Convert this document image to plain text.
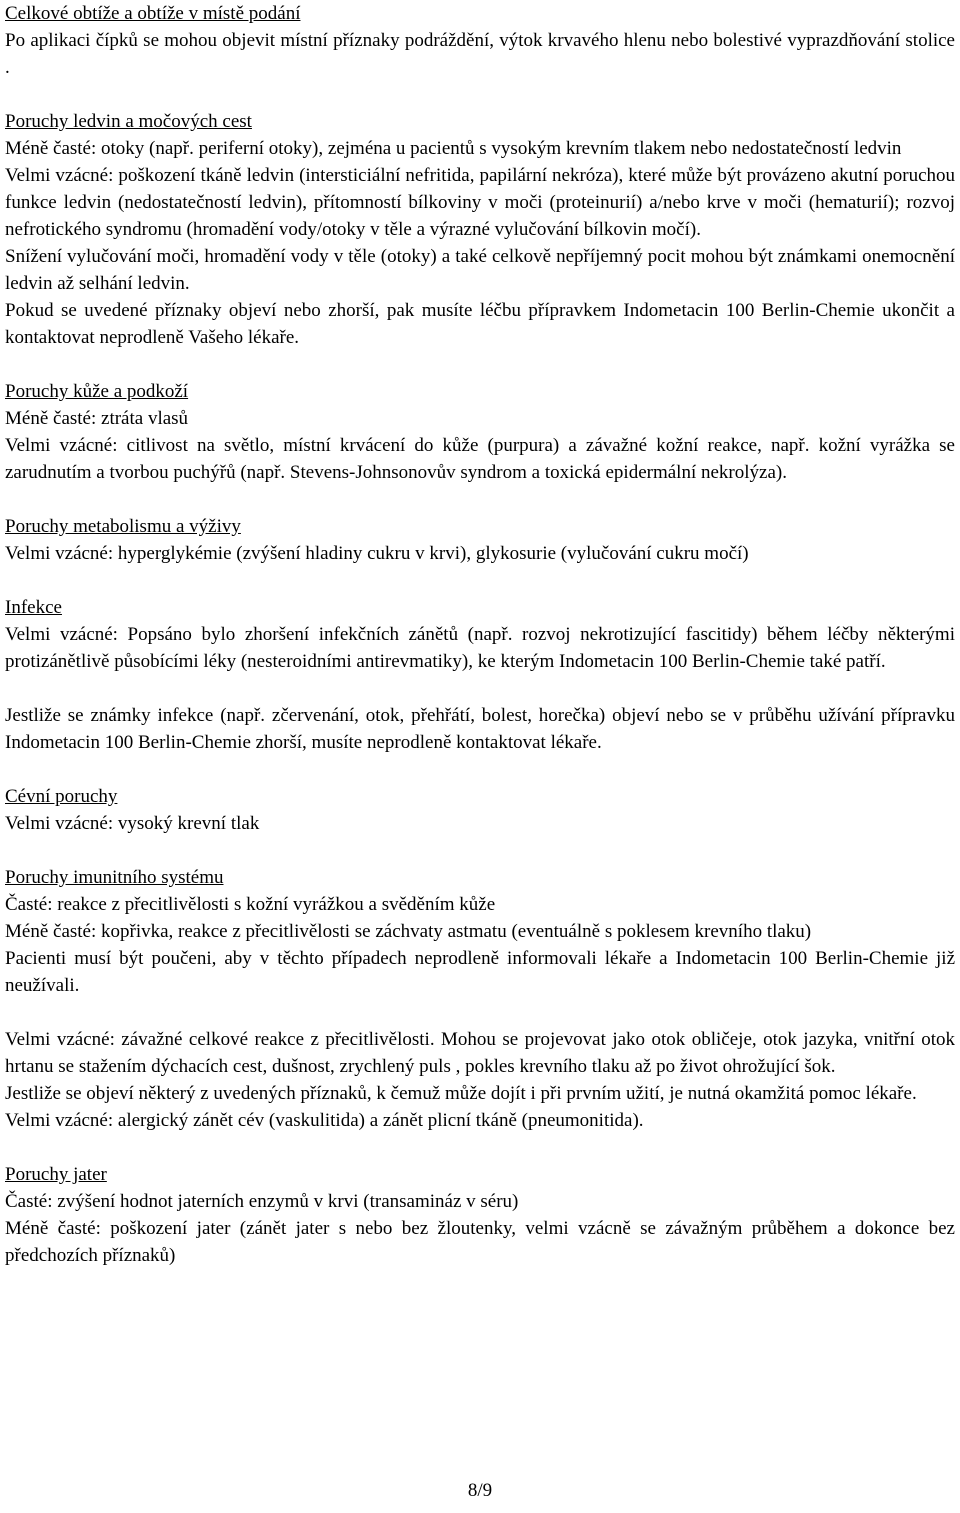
Celkové obtíže a obtíže v místě podání

Po aplikaci čípků se mohou objevit místní příznaky podráždění, výtok krvavého hlenu nebo bolestivé vyprazdňování stolice .

Poruchy ledvin a močových cest

Méně časté: otoky (např. periferní otoky), zejména u pacientů s vysokým krevním tlakem nebo nedostatečností ledvin

Velmi vzácné: poškození tkáně ledvin (intersticiální nefritida, papilární nekróza), které může být provázeno akutní poruchou funkce ledvin (nedostatečností ledvin), přítomností bílkoviny v moči (proteinurií) a/nebo krve v moči (hematurií); rozvoj nefrotického syndromu (hromadění vody/otoky v těle a výrazné vylučování bílkovin močí).

Snížení vylučování moči, hromadění vody v těle (otoky) a také celkově nepříjemný pocit mohou být známkami onemocnění ledvin až selhání ledvin.

Pokud se uvedené příznaky objeví nebo zhorší, pak musíte léčbu přípravkem Indometacin 100 Berlin-Chemie ukončit a kontaktovat neprodleně Vašeho lékaře.

Poruchy kůže a podkoží

Méně časté: ztráta vlasů

Velmi vzácné: citlivost na světlo, místní krvácení do kůže (purpura) a závažné kožní reakce, např. kožní vyrážka se zarudnutím a tvorbou puchýřů (např. Stevens-Johnsonovův syndrom a toxická epidermální nekrolýza).

Poruchy metabolismu a výživy

Velmi vzácné: hyperglykémie (zvýšení hladiny cukru v krvi), glykosurie (vylučování cukru močí)

Infekce

Velmi vzácné: Popsáno bylo zhoršení infekčních zánětů (např. rozvoj nekrotizující fascitidy) během léčby některými protizánětlivě působícími léky (nesteroidními antirevmatiky), ke kterým Indometacin 100 Berlin-Chemie také patří.

Jestliže se známky infekce (např. zčervenání, otok, přehřátí, bolest, horečka) objeví nebo se v průběhu užívání přípravku Indometacin 100 Berlin-Chemie zhorší, musíte neprodleně kontaktovat lékaře.

Cévní poruchy

Velmi vzácné: vysoký krevní tlak

Poruchy imunitního systému

Časté: reakce z přecitlivělosti s kožní vyrážkou a svěděním kůže

Méně časté: kopřivka, reakce z přecitlivělosti se záchvaty astmatu (eventuálně s poklesem krevního tlaku)

Pacienti musí být poučeni, aby v těchto případech neprodleně informovali lékaře a Indometacin 100 Berlin-Chemie již neužívali.

Velmi vzácné: závažné celkové reakce z přecitlivělosti. Mohou se projevovat jako otok obličeje, otok jazyka, vnitřní otok hrtanu se stažením dýchacích cest, dušnost, zrychlený puls , pokles krevního tlaku až po život ohrožující šok.

Jestliže se objeví některý z uvedených příznaků, k čemuž může dojít i při prvním užití, je nutná okamžitá pomoc lékaře.

Velmi vzácné: alergický zánět cév (vaskulitida) a zánět plicní tkáně (pneumonitida).

Poruchy jater

Časté: zvýšení hodnot jaterních enzymů v krvi (transamináz v séru)

Méně časté: poškození jater (zánět jater s nebo bez žloutenky, velmi vzácně se závažným průběhem a dokonce bez předchozích příznaků)

8/9
